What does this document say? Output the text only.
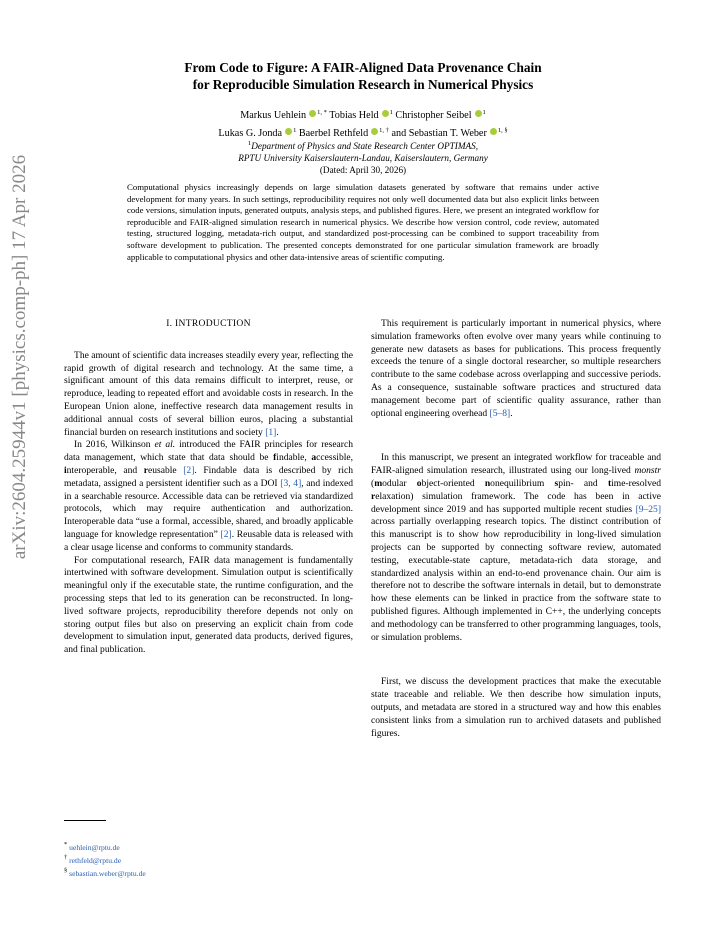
arXiv:2604.25944v1 [physics.comp-ph] 17 Apr 2026
From Code to Figure: A FAIR-Aligned Data Provenance Chain
for Reproducible Simulation Research in Numerical Physics
Markus Uehlein $^{1, *}$ Tobias Held $^1$ Christopher Seibel $^1$
Lukas G. Jonda $^1$ Baerbel Rethfeld $^{1, \dagger}$ and Sebastian T. Weber $^{1, \S}$
$^1$Department of Physics and State Research Center OPTIMAS,
RPTU University Kaiserslautern-Landau, Kaiserslautern, Germany
(Dated: April 30, 2026)
Computational physics increasingly depends on large simulation datasets generated by software that remains under active development for many years. In such settings, reproducibility requires not only well documented data but also explicit links between code versions, simulation inputs, generated outputs, analysis steps, and published figures. Here, we present an integrated workflow for reproducible and FAIR-aligned simulation research in numerical physics. We describe how version control, code review, automated testing, structured logging, metadata-rich output, and standardized post-processing can be combined to support traceability from software development to publication. The presented concepts demonstrated for one particular simulation framework are broadly applicable to computational physics and other data-intensive areas of scientific computing.
I. INTRODUCTION

The amount of scientific data increases steadily every year, reflecting the rapid growth of digital research and technology. At the same time, a significant amount of this data remains difficult to interpret, reuse, or reproduce, leading to repeated effort and avoidable costs in research. In the European Union alone, ineffective research data management results in additional annual costs of several billion euros, placing a substantial financial burden on research institutions and society [1].

In 2016, Wilkinson et al. introduced the FAIR principles for research data management, which state that data should be findable, accessible, interoperable, and reusable [2]. Findable data is described by rich metadata, assigned a persistent identifier such as a DOI [3, 4], and indexed in a searchable resource. Accessible data can be retrieved via standardized protocols, which may require authentication and authorization. Interoperable data “use a formal, accessible, shared, and broadly applicable language for knowledge representation” [2]. Reusable data is released with a clear usage license and conforms to community standards.

For computational research, FAIR data management is fundamentally intertwined with software development. Simulation output is scientifically meaningful only if the executable state, the runtime configuration, and the processing steps that led to its generation can be reconstructed. In long-lived software projects, reproducibility therefore depends not only on storing output files but also on preserving an explicit chain from code development to simulation input, generated data products, derived figures, and final publication.

This requirement is particularly important in numerical physics, where simulation frameworks often evolve over many years while continuing to generate new datasets as bases for publications. This process frequently exceeds the tenure of a single doctoral researcher, so multiple researchers contribute to the same codebase across overlapping and successive periods. As a consequence, sustainable software practices and structured data management become part of scientific quality assurance, rather than optional engineering overhead [5–8].

In this manuscript, we present an integrated workflow for traceable and FAIR-aligned simulation research, illustrated using our long-lived monstr (modular object-oriented nonequilibrium spin- and time-resolved relaxation) simulation framework. The code has been in active development since 2019 and has supported multiple recent studies [9–25] across partially overlapping research topics. The distinct contribution of this manuscript is to show how reproducibility in long-lived simulation projects can be supported by connecting software review, automated testing, executable-state capture, metadata-rich data storage, and standardized analysis within an end-to-end provenance chain. Our aim is therefore not to describe the software internals in detail, but to demonstrate how these elements can be linked in practice from the software state to published figures. Although implemented in C++, the underlying concepts and methodology can be transferred to other programming languages, tools, or simulation problems.

First, we discuss the development practices that make the executable state traceable and reliable. We then describe how simulation inputs, outputs, and metadata are stored in a structured way and how this enables consistent links from a simulation run to archived datasets and published figures.

* uehlein@rptu.de
† rethfeld@rptu.de
§ sebastian.weber@rptu.de
